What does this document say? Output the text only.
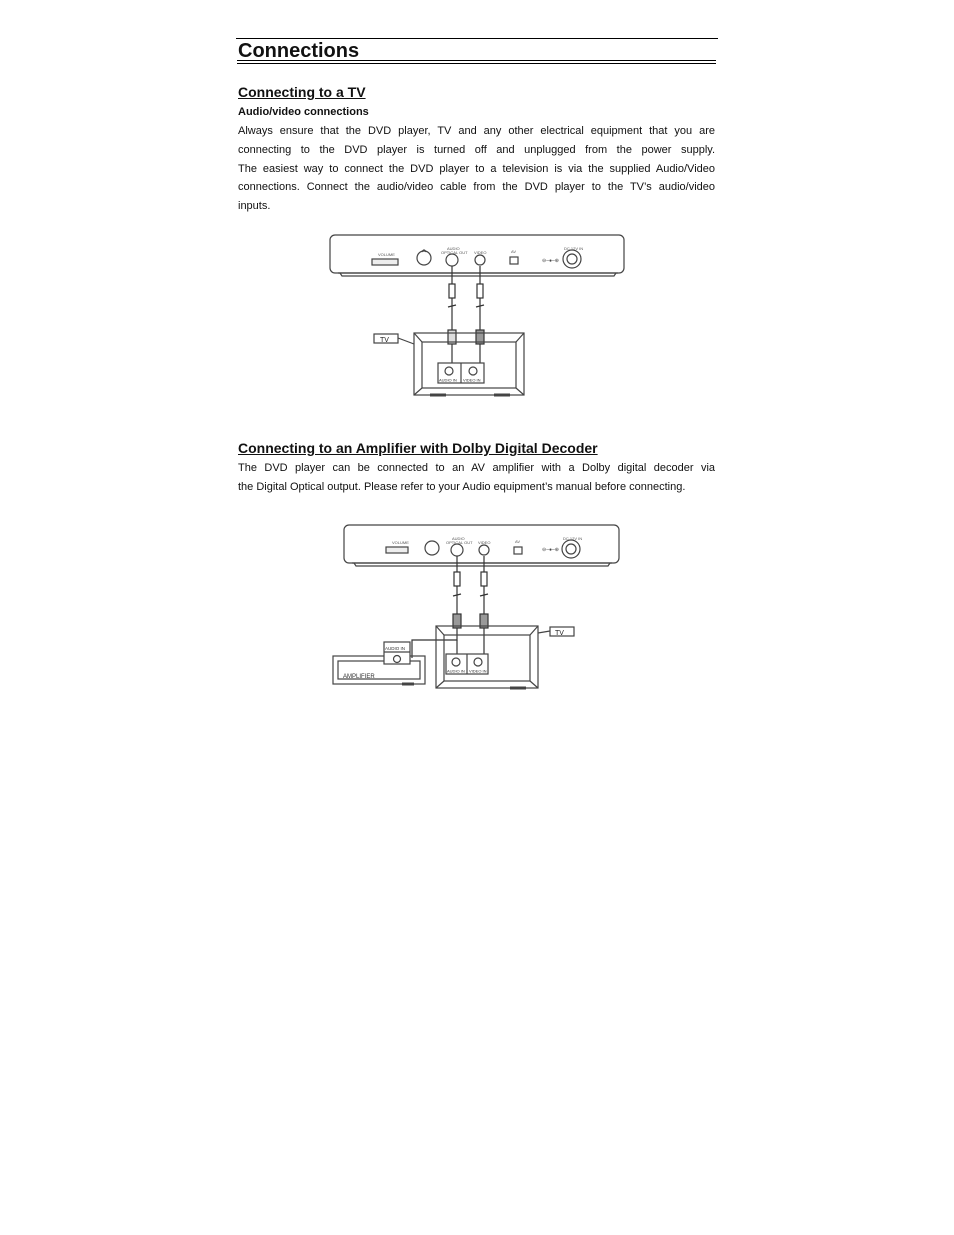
Connections
Connecting to a TV
Audio/video connections
Always ensure that the DVD player, TV and any other electrical equipment that you are
connecting to the DVD player is turned off and unplugged from the power supply.
The easiest way to connect the DVD player to a television is via the supplied Audio/Video
connections. Connect the audio/video cable from the DVD player to the TV’s audio/video
inputs.
VOLUME
AUDIO
OPTICAL OUT VIDEO	AV
DC 12V IN
⊖–●–⊕
TV
AUDIO IN VIDEO IN
Connecting to an Amplifier with Dolby Digital Decoder
The DVD player can be connected to an AV amplifier with a Dolby digital decoder via
the Digital Optical output. Please refer to your Audio equipment’s manual before connecting.
VOLUME
AUDIO
OPTICAL OUT VIDEO	AV
DC 12V IN
⊖–●–⊕
TV
AUDIO IN VIDEO IN
AUDIO IN
AMPLIFIER
